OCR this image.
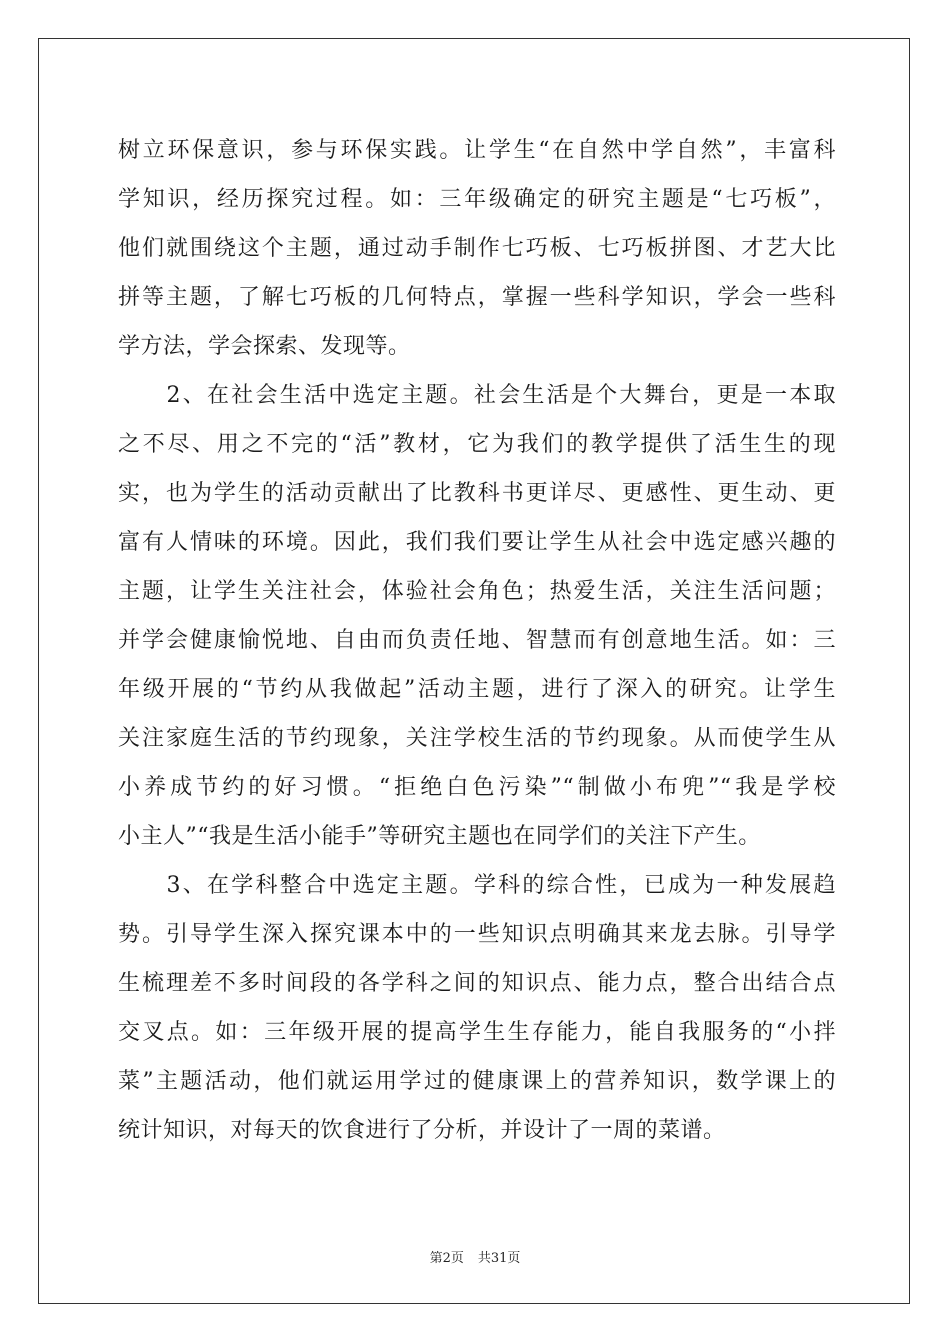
树立环保意识，参与环保实践。让学生“在自然中学自然”，丰富科
学知识，经历探究过程。如：三年级确定的研究主题是“七巧板”，
他们就围绕这个主题，通过动手制作七巧板、七巧板拼图、才艺大比
拼等主题，了解七巧板的几何特点，掌握一些科学知识，学会一些科
学方法，学会探索、发现等。
　　2、在社会生活中选定主题。社会生活是个大舞台，更是一本取
之不尽、用之不完的“活”教材，它为我们的教学提供了活生生的现
实，也为学生的活动贡献出了比教科书更详尽、更感性、更生动、更
富有人情味的环境。因此，我们我们要让学生从社会中选定感兴趣的
主题，让学生关注社会，体验社会角色；热爱生活，关注生活问题；
并学会健康愉悦地、自由而负责任地、智慧而有创意地生活。如：三
年级开展的“节约从我做起”活动主题，进行了深入的研究。让学生
关注家庭生活的节约现象，关注学校生活的节约现象。从而使学生从
小养成节约的好习惯。“拒绝白色污染”“制做小布兜”“我是学校
小主人”“我是生活小能手”等研究主题也在同学们的关注下产生。
　　3、在学科整合中选定主题。学科的综合性，已成为一种发展趋
势。引导学生深入探究课本中的一些知识点明确其来龙去脉。引导学
生梳理差不多时间段的各学科之间的知识点、能力点，整合出结合点
交叉点。如：三年级开展的提高学生生存能力，能自我服务的“小拌
菜”主题活动，他们就运用学过的健康课上的营养知识，数学课上的
统计知识，对每天的饮食进行了分析，并设计了一周的菜谱。
第2页 共31页
